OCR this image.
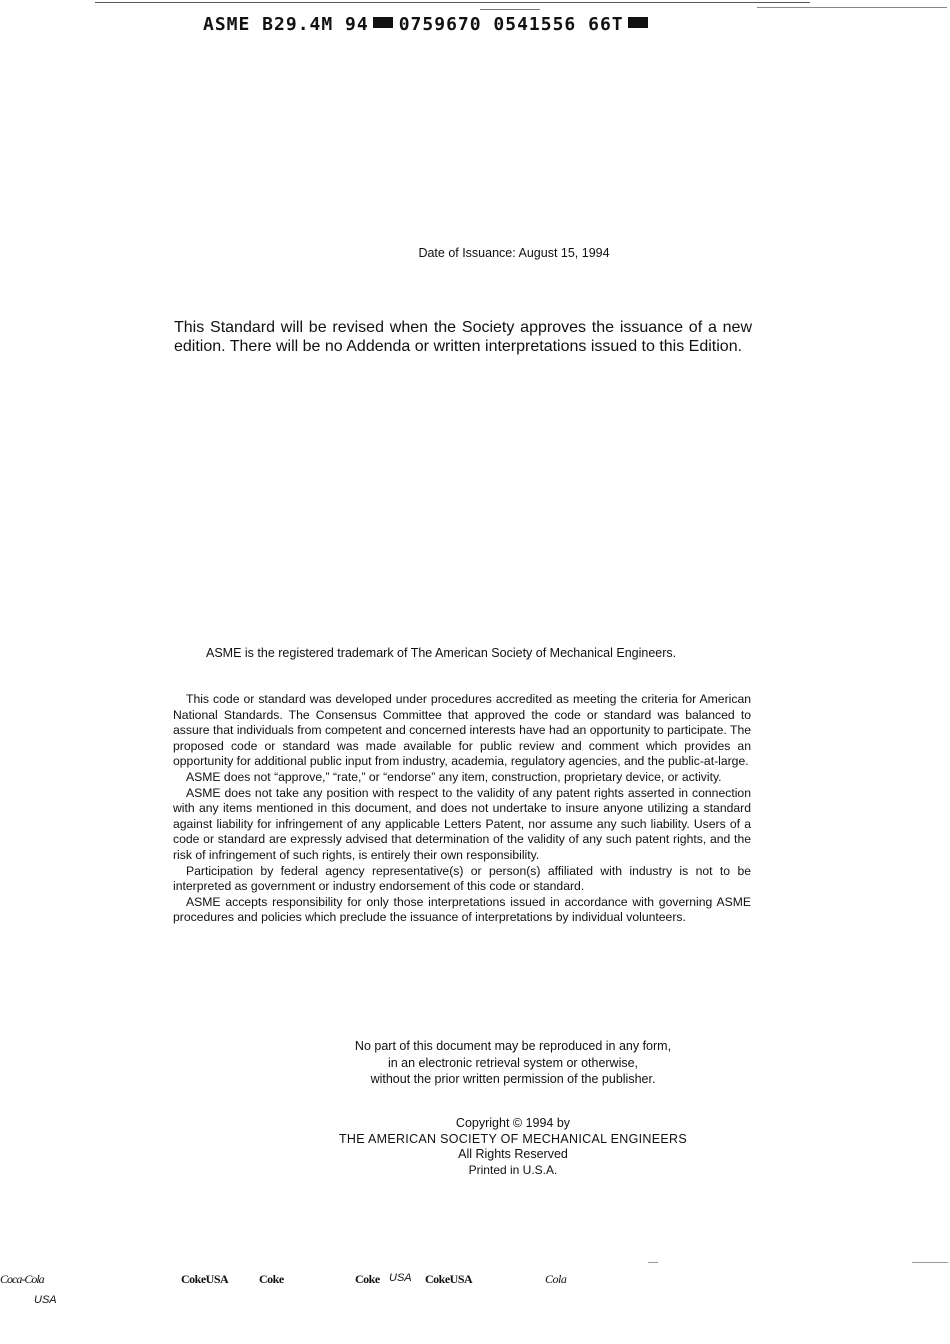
ASME B29.4M 94 0759670 0541556 66T
Date of Issuance: August 15, 1994
This Standard will be revised when the Society approves the issuance of a new edition. There will be no Addenda or written interpretations issued to this Edition.
ASME is the registered trademark of The American Society of Mechanical Engineers.

This code or standard was developed under procedures accredited as meeting the criteria for American National Standards. The Consensus Committee that approved the code or standard was balanced to assure that individuals from competent and concerned interests have had an opportunity to participate. The proposed code or standard was made available for public review and comment which provides an opportunity for additional public input from industry, academia, regulatory agencies, and the public-at-large.

ASME does not “approve,” “rate,” or “endorse” any item, construction, proprietary device, or activity.

ASME does not take any position with respect to the validity of any patent rights asserted in connection with any items mentioned in this document, and does not undertake to insure anyone utilizing a standard against liability for infringement of any applicable Letters Patent, nor assume any such liability. Users of a code or standard are expressly advised that determination of the validity of any such patent rights, and the risk of infringement of such rights, is entirely their own responsibility.

Participation by federal agency representative(s) or person(s) affiliated with industry is not to be interpreted as government or industry endorsement of this code or standard.

ASME accepts responsibility for only those interpretations issued in accordance with governing ASME procedures and policies which preclude the issuance of interpretations by individual volunteers.

No part of this document may be reproduced in any form,
in an electronic retrieval system or otherwise,
without the prior written permission of the publisher.
Copyright © 1994 by
THE AMERICAN SOCIETY OF MECHANICAL ENGINEERS
All Rights Reserved
Printed in U.S.A.
Coca-Cola
USA
CokeUSA	Coke	Coke USA CokeUSA	Cola
